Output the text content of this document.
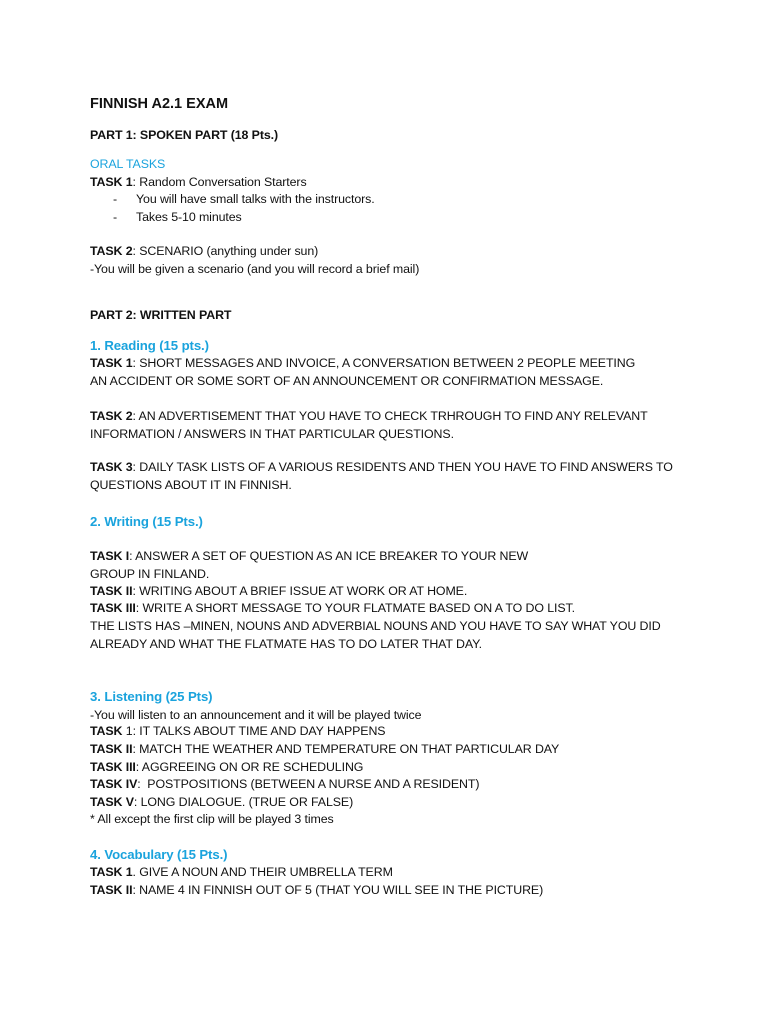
FINNISH A2.1 EXAM
PART 1: SPOKEN PART (18 Pts.)
ORAL TASKS
TASK 1: Random Conversation Starters
- You will have small talks with the instructors.
- Takes 5-10 minutes
TASK 2: SCENARIO (anything under sun)
-You will be given a scenario (and you will record a brief mail)
PART 2: WRITTEN PART
1. Reading (15 pts.)
TASK 1: SHORT MESSAGES AND INVOICE, A CONVERSATION BETWEEN 2 PEOPLE MEETING
AN ACCIDENT OR SOME SORT OF AN ANNOUNCEMENT OR CONFIRMATION MESSAGE.
TASK 2: AN ADVERTISEMENT THAT YOU HAVE TO CHECK TRHROUGH TO FIND ANY RELEVANT
INFORMATION / ANSWERS IN THAT PARTICULAR QUESTIONS.
TASK 3: DAILY TASK LISTS OF A VARIOUS RESIDENTS AND THEN YOU HAVE TO FIND ANSWERS TO
QUESTIONS ABOUT IT IN FINNISH.
2. Writing (15 Pts.)
TASK I: ANSWER A SET OF QUESTION AS AN ICE BREAKER TO YOUR NEW
GROUP IN FINLAND.
TASK II: WRITING ABOUT A BRIEF ISSUE AT WORK OR AT HOME.
TASK III: WRITE A SHORT MESSAGE TO YOUR FLATMATE BASED ON A TO DO LIST.
THE LISTS HAS –MINEN, NOUNS AND ADVERBIAL NOUNS AND YOU HAVE TO SAY WHAT YOU DID
ALREADY AND WHAT THE FLATMATE HAS TO DO LATER THAT DAY.
3. Listening (25 Pts)
-You will listen to an announcement and it will be played twice
TASK 1: IT TALKS ABOUT TIME AND DAY HAPPENS
TASK II: MATCH THE WEATHER AND TEMPERATURE ON THAT PARTICULAR DAY
TASK III: AGGREEING ON OR RE SCHEDULING
TASK IV:  POSTPOSITIONS (BETWEEN A NURSE AND A RESIDENT)
TASK V: LONG DIALOGUE. (TRUE OR FALSE)
* All except the first clip will be played 3 times
4. Vocabulary (15 Pts.)
TASK 1. GIVE A NOUN AND THEIR UMBRELLA TERM
TASK II: NAME 4 IN FINNISH OUT OF 5 (THAT YOU WILL SEE IN THE PICTURE)
